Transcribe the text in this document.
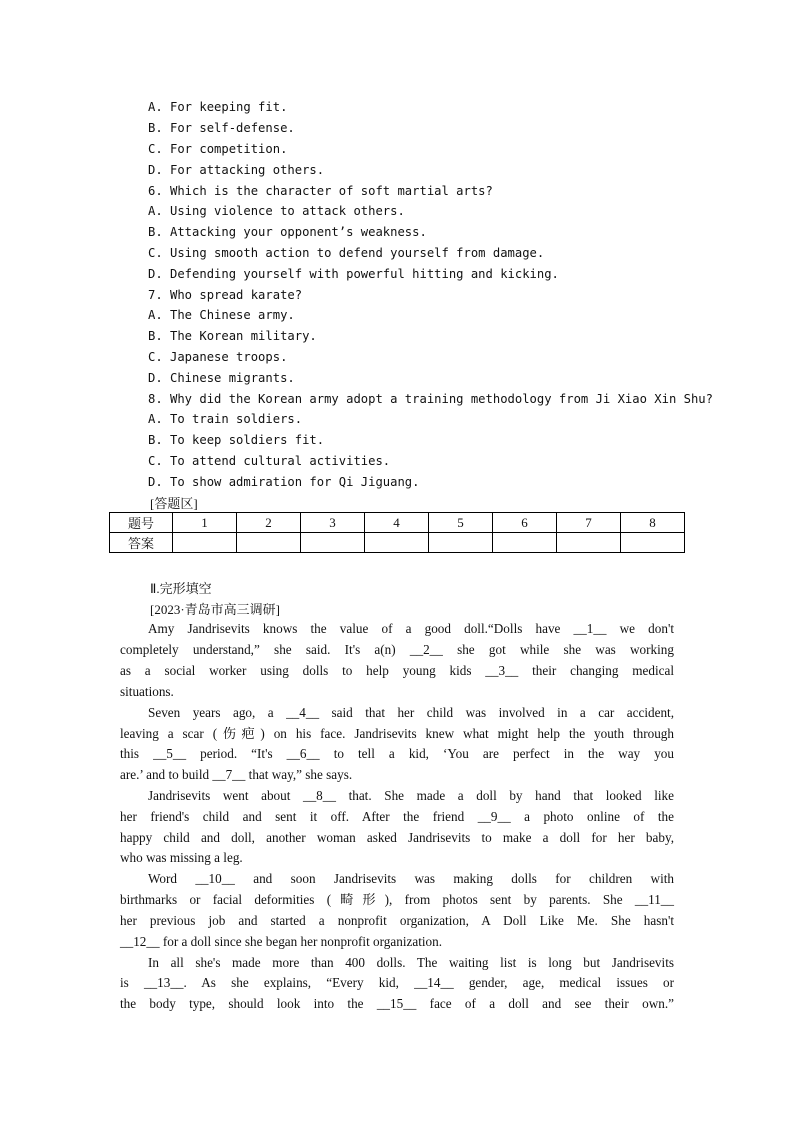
A. For keeping fit.
B. For self-defense.
C. For competition.
D. For attacking others.
6. Which is the character of soft martial arts?
A. Using violence to attack others.
B. Attacking your opponent’s weakness.
C. Using smooth action to defend yourself from damage.
D. Defending yourself with powerful hitting and kicking.
7. Who spread karate?
A. The Chinese army.
B. The Korean military.
C. Japanese troops.
D. Chinese migrants.
8. Why did the Korean army adopt a training methodology from Ji Xiao Xin Shu?
A. To train soldiers.
B. To keep soldiers fit.
C. To attend cultural activities.
D. To show admiration for Qi Jiguang.
[答题区]
题号	1	2	3	4	5	6	7	8
答案								
Ⅱ.完形填空
[2023·青岛市高三调研]
Amy Jandrisevits knows the value of a good doll.“Dolls have __1__ we don't
completely understand,” she said. It's a(n) __2__ she got while she was working
as a social worker using dolls to help young kids __3__ their changing medical
situations.
Seven years ago, a __4__ said that her child was involved in a car accident,
leaving a scar (伤疤) on his face. Jandrisevits knew what might help the youth through
this __5__ period. “It's __6__ to tell a kid, ‘You are perfect in the way you
are.’ and to build __7__ that way,” she says.
Jandrisevits went about __8__ that. She made a doll by hand that looked like
her friend's child and sent it off. After the friend __9__ a photo online of the
happy child and doll, another woman asked Jandrisevits to make a doll for her baby,
who was missing a leg.
Word __10__ and soon Jandrisevits was making dolls for children with
birthmarks or facial deformities (畸形), from photos sent by parents. She __11__
her previous job and started a nonprofit organization, A Doll Like Me. She hasn't
__12__ for a doll since she began her nonprofit organization.
In all she's made more than 400 dolls. The waiting list is long but Jandrisevits
is __13__. As she explains, “Every kid, __14__ gender, age, medical issues or
the body type, should look into the __15__ face of a doll and see their own.”
